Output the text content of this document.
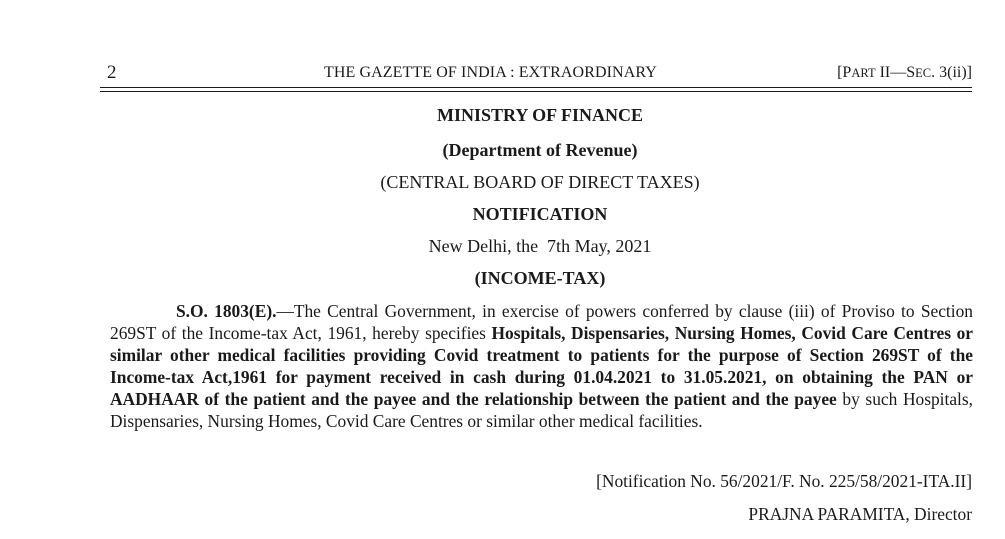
2	THE GAZETTE OF INDIA : EXTRAORDINARY	[PART II—SEC. 3(ii)]
MINISTRY OF FINANCE
(Department of Revenue)
(CENTRAL BOARD OF DIRECT TAXES)
NOTIFICATION
New Delhi, the  7th May, 2021
(INCOME-TAX)
S.O. 1803(E).—The Central Government, in exercise of powers conferred by clause (iii) of Proviso to Section 269ST of the Income-tax Act, 1961, hereby specifies Hospitals, Dispensaries, Nursing Homes, Covid Care Centres or similar other medical facilities providing Covid treatment to patients for the purpose of Section 269ST of the Income-tax Act,1961 for payment received in cash during 01.04.2021 to 31.05.2021, on obtaining the PAN or AADHAAR of the patient and the payee and the relationship between the patient and the payee by such Hospitals, Dispensaries, Nursing Homes, Covid Care Centres or similar other medical facilities.
[Notification No. 56/2021/F. No. 225/58/2021-ITA.II]
PRAJNA PARAMITA, Director
